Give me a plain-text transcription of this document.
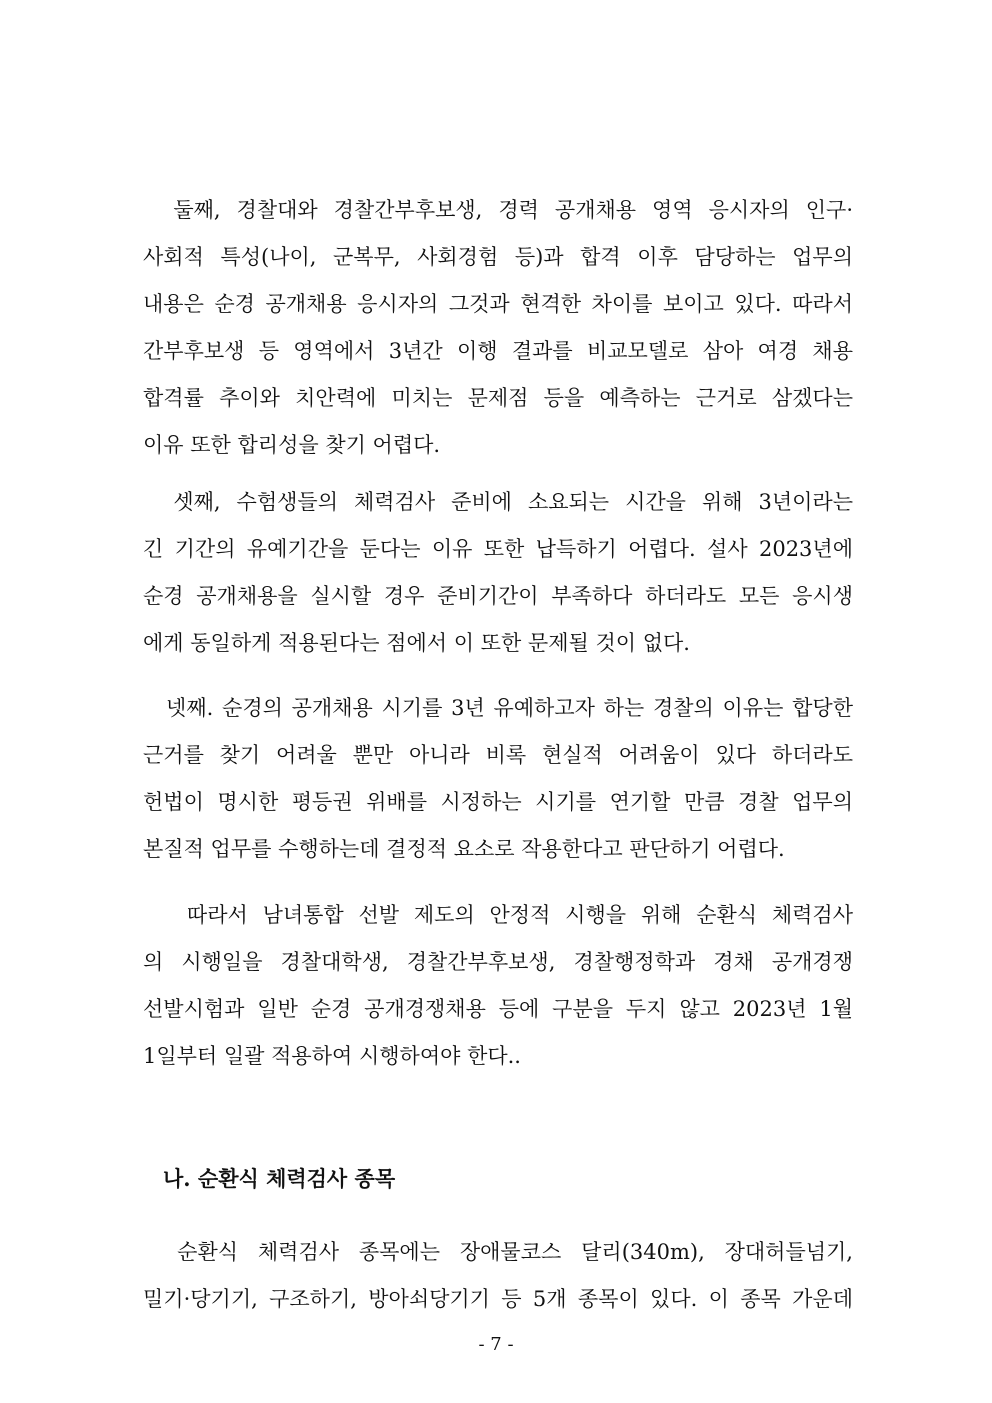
　둘째, 경찰대와 경찰간부후보생, 경력 공개채용 영역 응시자의 인구·
사회적 특성(나이, 군복무, 사회경험 등)과 합격 이후 담당하는 업무의
내용은 순경 공개채용 응시자의 그것과 현격한 차이를 보이고 있다. 따라서
간부후보생 등 영역에서 3년간 이행 결과를 비교모델로 삼아 여경 채용
합격률 추이와 치안력에 미치는 문제점 등을 예측하는 근거로 삼겠다는
이유 또한 합리성을 찾기 어렵다.
　셋째, 수험생들의 체력검사 준비에 소요되는 시간을 위해 3년이라는
긴 기간의 유예기간을 둔다는 이유 또한 납득하기 어렵다. 설사 2023년에
순경 공개채용을 실시할 경우 준비기간이 부족하다 하더라도 모든 응시생
에게 동일하게 적용된다는 점에서 이 또한 문제될 것이 없다.
　넷째. 순경의 공개채용 시기를 3년 유예하고자 하는 경찰의 이유는 합당한
근거를 찾기 어려울 뿐만 아니라 비록 현실적 어려움이 있다 하더라도
헌법이 명시한 평등권 위배를 시정하는 시기를 연기할 만큼 경찰 업무의
본질적 업무를 수행하는데 결정적 요소로 작용한다고 판단하기 어렵다.
　 따라서 남녀통합 선발 제도의 안정적 시행을 위해 순환식 체력검사
의 시행일을 경찰대학생, 경찰간부후보생, 경찰행정학과 경채 공개경쟁
선발시험과 일반 순경 공개경쟁채용 등에 구분을 두지 않고 2023년 1월
1일부터 일괄 적용하여 시행하여야 한다..
나. 순환식 체력검사 종목
　순환식 체력검사 종목에는 장애물코스 달리(340m), 장대허들넘기,
밀기·당기기, 구조하기, 방아쇠당기기 등 5개 종목이 있다. 이 종목 가운데
- 7 -
